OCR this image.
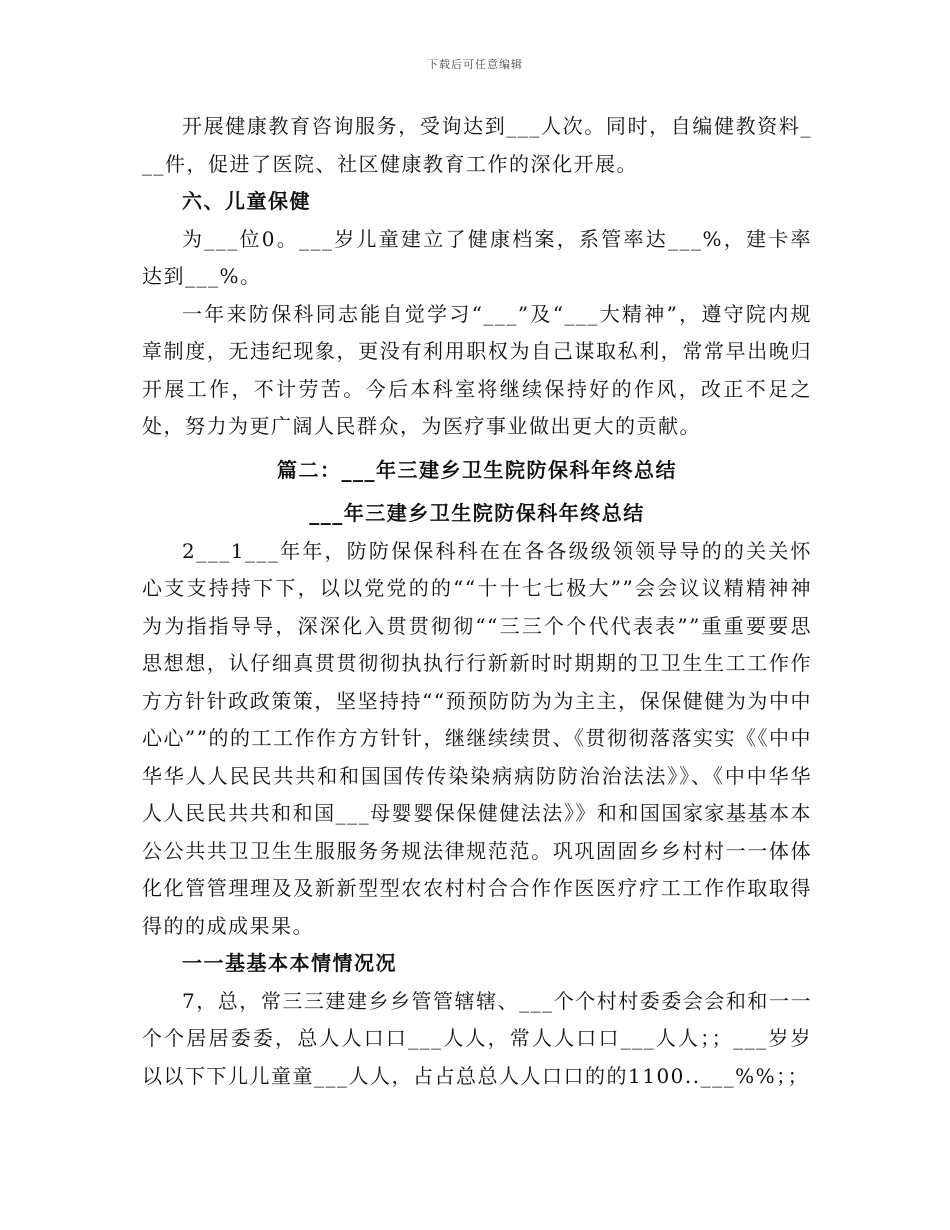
下载后可任意编辑

开展健康教育咨询服务，受询达到___人次。同时，自编健教资料___件，促进了医院、社区健康教育工作的深化开展。

六、儿童保健

为___位0。___岁儿童建立了健康档案，系管率达___%，建卡率达到___%。

一年来防保科同志能自觉学习“___”及“___大精神”，遵守院内规章制度，无违纪现象，更没有利用职权为自己谋取私利，常常早出晚归开展工作，不计劳苦。今后本科室将继续保持好的作风，改正不足之处，努力为更广阔人民群众，为医疗事业做出更大的贡献。

篇二：___年三建乡卫生院防保科年终总结

___年三建乡卫生院防保科年终总结

2___1___年年，防防保保科科在在各各级级领领导导的的关关怀心支支持持下下，以以党党的的““十十七七极大””会会议议精精神神为为指指导导，深深化入贯贯彻彻““三三个个代代表表””重重要要思思想想，认仔细真贯贯彻彻执执行行新新时时期期的卫卫生生工工作作方方针针政政策策，坚坚持持““预预防防为为主主，保保健健为为中中心心””的的工工作作方方针针，继继续续贯、《贯彻彻落落实实《《中中华华人人民民共共和和国国传传染染病病防防治治法法》》、《中中华华人人民民共共和和国___母婴婴保保健健法法》》和和国国家家基基本本公公共共卫卫生生服服务务规法律规范范。巩巩固固乡乡村村一一体体化化管管理理及及新新型型农农村村合合作作医医疗疗工工作作取取得得的的成成果果。

一一基基本本情情况况

7，总，常三三建建乡乡管管辖辖、___个个村村委委会会和和一一个个居居委委，总人人口口___人人，常人人口口___人人；；___岁岁以以下下儿儿童童___人人，占占总总人人口口的的1100..___%%；；
